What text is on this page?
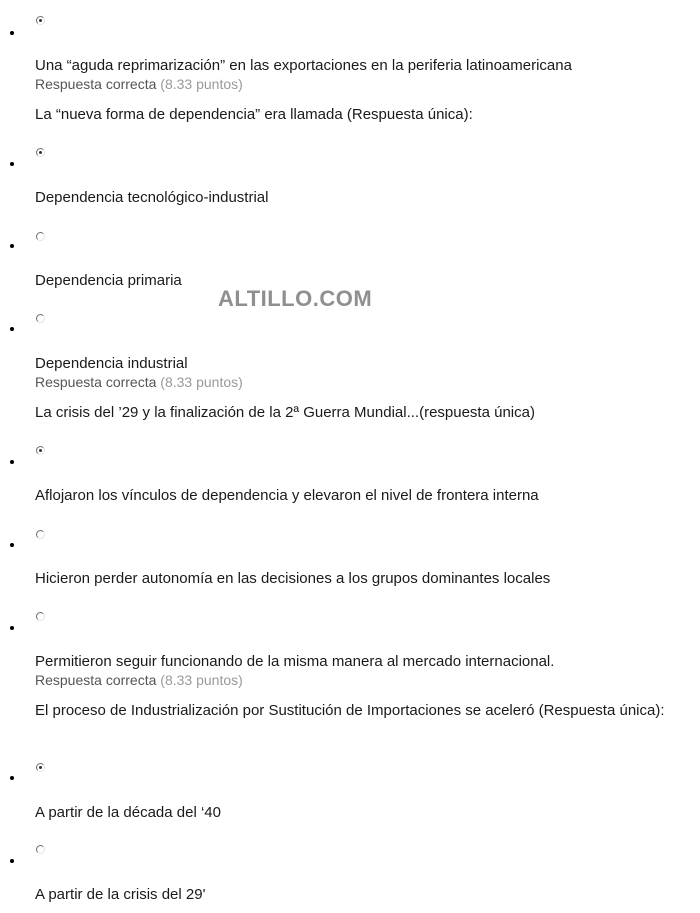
Una “aguda reprimarización” en las exportaciones en la periferia latinoamericana
Respuesta correcta (8.33 puntos)
La “nueva forma de dependencia” era llamada (Respuesta única):
Dependencia tecnológico-industrial
Dependencia primaria
ALTILLO.COM
Dependencia industrial
Respuesta correcta (8.33 puntos)
La crisis del ’29 y la finalización de la 2ª Guerra Mundial...(respuesta única)
Aflojaron los vínculos de dependencia y elevaron el nivel de frontera interna
Hicieron perder autonomía en las decisiones a los grupos dominantes locales
Permitieron seguir funcionando de la misma manera al mercado internacional.
Respuesta correcta (8.33 puntos)
El proceso de Industrialización por Sustitución de Importaciones se aceleró (Respuesta única):
A partir de la década del ‘40
A partir de la crisis del 29'
